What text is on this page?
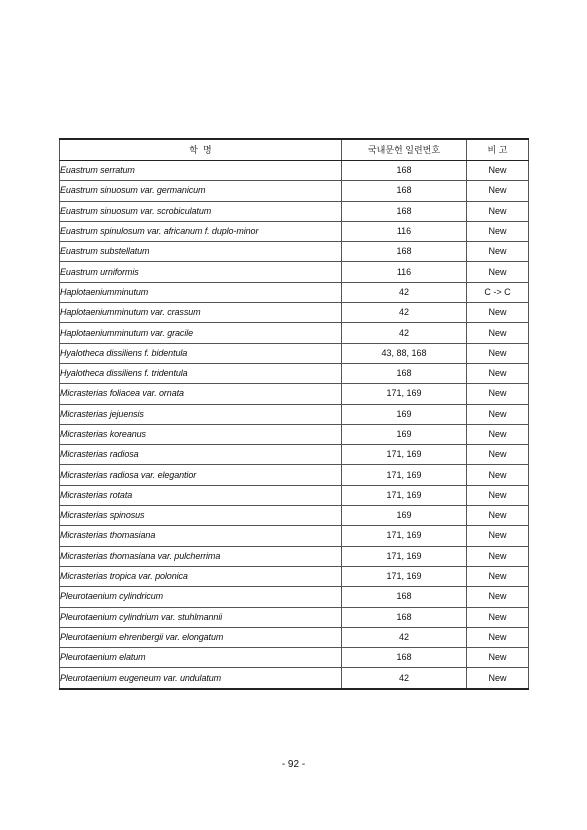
학  명	국내문헌 일련번호	비 고
Euastrum serratum	168	New
Euastrum sinuosum var. germanicum	168	New
Euastrum sinuosum var. scrobiculatum	168	New
Euastrum spinulosum var. africanum f. duplo-minor	116	New
Euastrum substellatum	168	New
Euastrum urniformis	116	New
Haplotaeniumminutum	42	C -> C
Haplotaeniumminutum var. crassum	42	New
Haplotaeniumminutum var. gracile	42	New
Hyalotheca dissiliens f. bidentula	43, 88, 168	New
Hyalotheca dissiliens f. tridentula	168	New
Micrasterias foliacea var. ornata	171, 169	New
Micrasterias jejuensis	169	New
Micrasterias koreanus	169	New
Micrasterias radiosa	171, 169	New
Micrasterias radiosa var. elegantior	171, 169	New
Micrasterias rotata	171, 169	New
Micrasterias spinosus	169	New
Micrasterias thomasiana	171, 169	New
Micrasterias thomasiana var. pulcherrima	171, 169	New
Micrasterias tropica var. polonica	171, 169	New
Pleurotaenium cylindricum	168	New
Pleurotaenium cylindrium var. stuhlmannii	168	New
Pleurotaenium ehrenbergii var. elongatum	42	New
Pleurotaenium elatum	168	New
Pleurotaenium eugeneum var. undulatum	42	New
- 92 -
